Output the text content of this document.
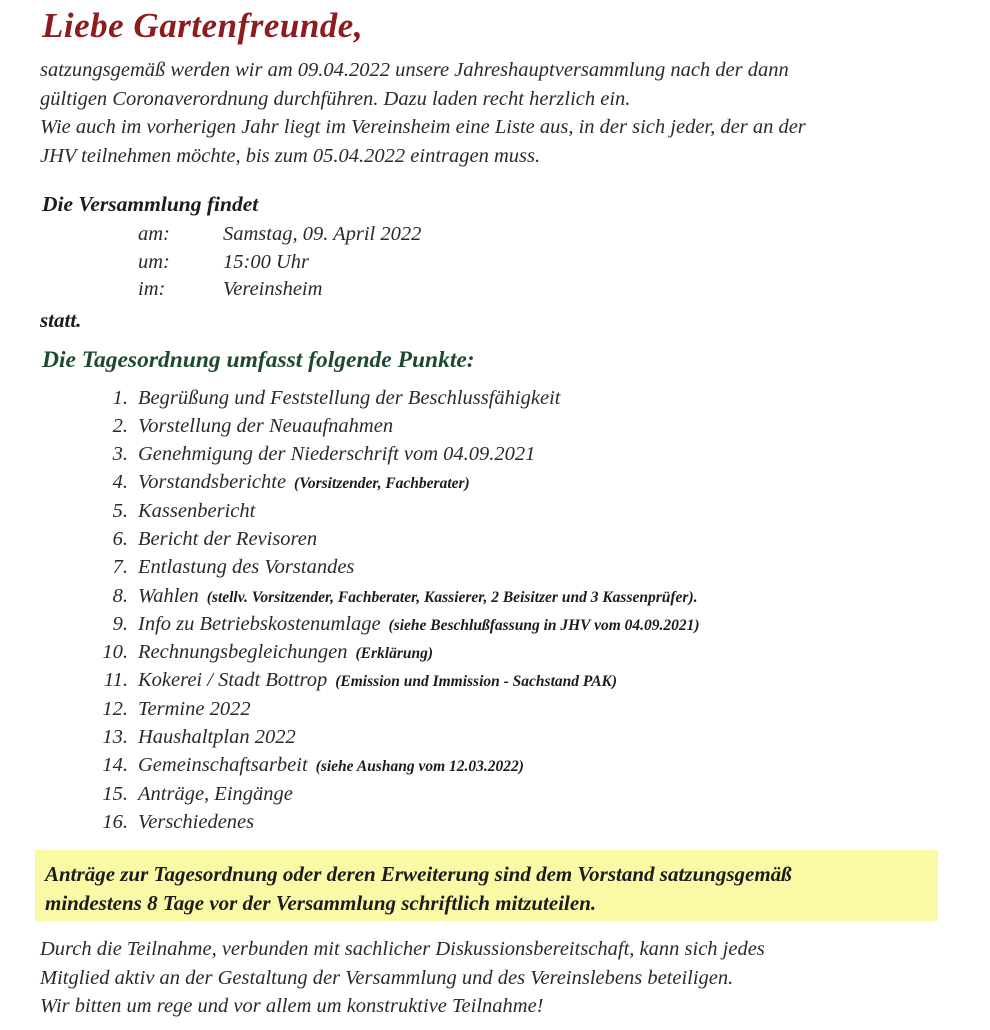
Liebe Gartenfreunde,
satzungsgemäß werden wir am 09.04.2022 unsere Jahreshauptversammlung nach der dann
gültigen Coronaverordnung durchführen. Dazu laden recht herzlich ein.
Wie auch im vorherigen Jahr liegt im Vereinsheim eine Liste aus, in der sich jeder, der an der
JHV teilnehmen möchte, bis zum 05.04.2022 eintragen muss.
Die Versammlung findet
am:	Samstag, 09. April 2022
um:	15:00 Uhr
im:	Vereinsheim
statt.
Die Tagesordnung umfasst folgende Punkte:
1. Begrüßung und Feststellung der Beschlussfähigkeit
2. Vorstellung der Neuaufnahmen
3. Genehmigung der Niederschrift vom 04.09.2021
4. Vorstandsberichte (Vorsitzender, Fachberater)
5. Kassenbericht
6. Bericht der Revisoren
7. Entlastung des Vorstandes
8. Wahlen (stellv. Vorsitzender, Fachberater, Kassierer, 2 Beisitzer und 3 Kassenprüfer).
9. Info zu Betriebskostenumlage (siehe Beschlußfassung in JHV vom 04.09.2021)
10. Rechnungsbegleichungen (Erklärung)
11. Kokerei / Stadt Bottrop (Emission und Immission - Sachstand PAK)
12. Termine 2022
13. Haushaltplan 2022
14. Gemeinschaftsarbeit (siehe Aushang vom 12.03.2022)
15. Anträge, Eingänge
16. Verschiedenes
Anträge zur Tagesordnung oder deren Erweiterung sind dem Vorstand satzungsgemäß
mindestens 8 Tage vor der Versammlung schriftlich mitzuteilen.
Durch die Teilnahme, verbunden mit sachlicher Diskussionsbereitschaft, kann sich jedes
Mitglied aktiv an der Gestaltung der Versammlung und des Vereinslebens beteiligen.
Wir bitten um rege und vor allem um konstruktive Teilnahme!
